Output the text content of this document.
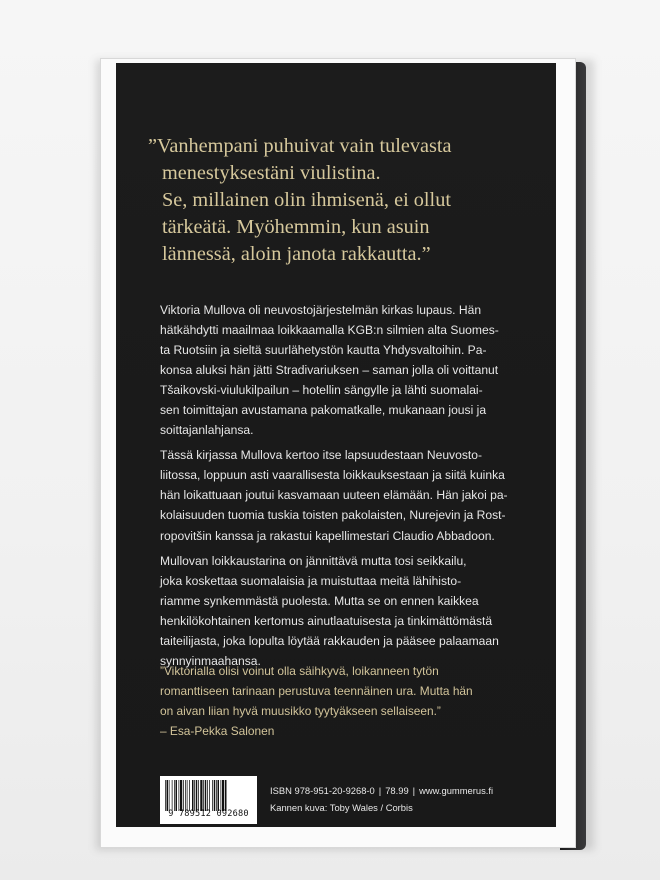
”Vanhempani puhuivat vain tulevasta
menestyksestäni viulistina.
Se, millainen olin ihmisenä, ei ollut
tärkeätä. Myöhemmin, kun asuin
lännessä, aloin janota rakkautta.”

Viktoria Mullova oli neuvostojärjestelmän kirkas lupaus. Hän
hätkähdytti maailmaa loikkaamalla KGB:n silmien alta Suomes-
ta Ruotsiin ja sieltä suurlähetystön kautta Yhdysvaltoihin. Pa-
konsa aluksi hän jätti Stradivariuksen – saman jolla oli voittanut
Tšaikovski-viulukilpailun – hotellin sängylle ja lähti suomalai-
sen toimittajan avustamana pakomatkalle, mukanaan jousi ja
soittajanlahjansa.

Tässä kirjassa Mullova kertoo itse lapsuudestaan Neuvosto-
liitossa, loppuun asti vaarallisesta loikkauksestaan ja siitä kuinka
hän loikattuaan joutui kasvamaan uuteen elämään. Hän jakoi pa-
kolaisuuden tuomia tuskia toisten pakolaisten, Nurejevin ja Rost-
ropovitšin kanssa ja rakastui kapellimestari Claudio Abbadoon.

Mullovan loikkaustarina on jännittävä mutta tosi seikkailu,
joka koskettaa suomalaisia ja muistuttaa meitä lähihisto-
riamme synkemmästä puolesta. Mutta se on ennen kaikkea
henkilökohtainen kertomus ainutlaatuisesta ja tinkimättömästä
taiteilijasta, joka lopulta löytää rakkauden ja pääsee palaamaan
synnyinmaahansa.

”Viktorialla olisi voinut olla säihkyvä, loikanneen tytön
romanttiseen tarinaan perustuva teennäinen ura. Mutta hän
on aivan liian hyvä muusikko tyytyäkseen sellaiseen.”
– Esa-Pekka Salonen
9 789512 092680
ISBN 978-951-20-9268-0 | 78.99 | www.gummerus.fi
Kannen kuva: Toby Wales / Corbis
